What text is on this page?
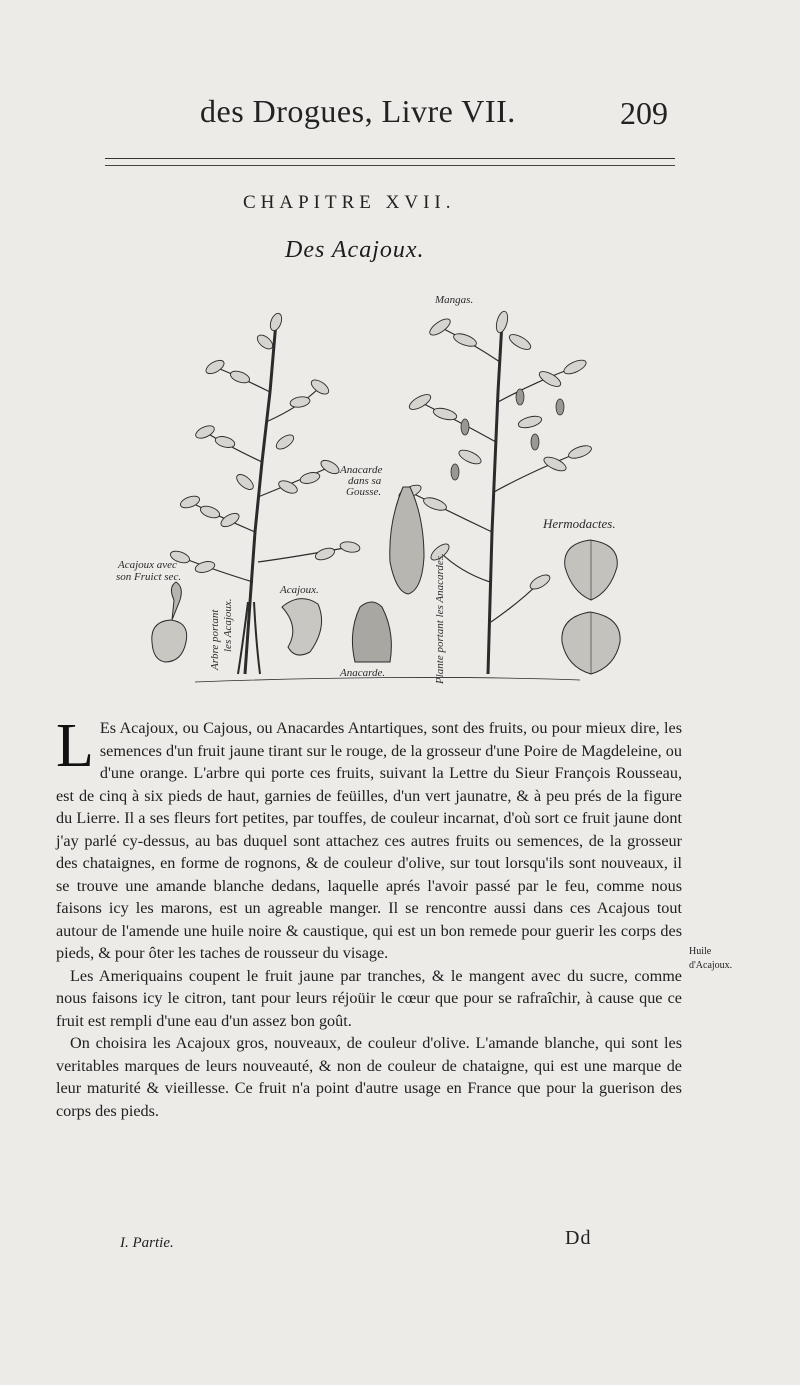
des Drogues, Livre VII.	209
CHAPITRE XVII.
Des Acajoux.
Mangas.
Anacarde
dans sa
Gousse.
Hermodactes.
Acajoux avec
son Fruict sec.
Acajoux.
Anacarde.
Arbre portant les Acajoux.	Plante portant les Anacardes.

L Es Acajoux, ou Cajous, ou Anacardes Antartiques, sont des fruits, ou pour mieux dire, les semences d'un fruit jaune tirant sur le rouge, de la grosseur d'une Poire de Magdeleine, ou d'une orange. L'arbre qui porte ces fruits, suivant la Lettre du Sieur François Rousseau, est de cinq à six pieds de haut, garnies de feüilles, d'un vert jaunatre, & à peu prés de la figure du Lierre. Il a ses fleurs fort petites, par touffes, de couleur incarnat, d'où sort ce fruit jaune dont j'ay parlé cy-dessus, au bas duquel sont attachez ces autres fruits ou semences, de la grosseur des chataignes, en forme de rognons, & de couleur d'olive, sur tout lorsqu'ils sont nouveaux, il se trouve une amande blanche dedans, laquelle aprés l'avoir passé par le feu, comme nous faisons icy les marons, est un agreable manger. Il se rencontre aussi dans ces Acajous tout autour de l'amende une huile noire & caustique, qui est un bon remede pour guerir les corps des pieds, & pour ôter les taches de rousseur du visage.

Les Ameriquains coupent le fruit jaune par tranches, & le mangent avec du sucre, comme nous faisons icy le citron, tant pour leurs réjoüir le cœur que pour se rafraîchir, à cause que ce fruit est rempli d'une eau d'un assez bon goût.

On choisira les Acajoux gros, nouveaux, de couleur d'olive. L'amande blanche, qui sont les veritables marques de leurs nouveauté, & non de couleur de chataigne, qui est une marque de leur maturité & vieillesse. Ce fruit n'a point d'autre usage en France que pour la guerison des corps des pieds.

Huile d'Acajoux.
I. Partie.	Dd
